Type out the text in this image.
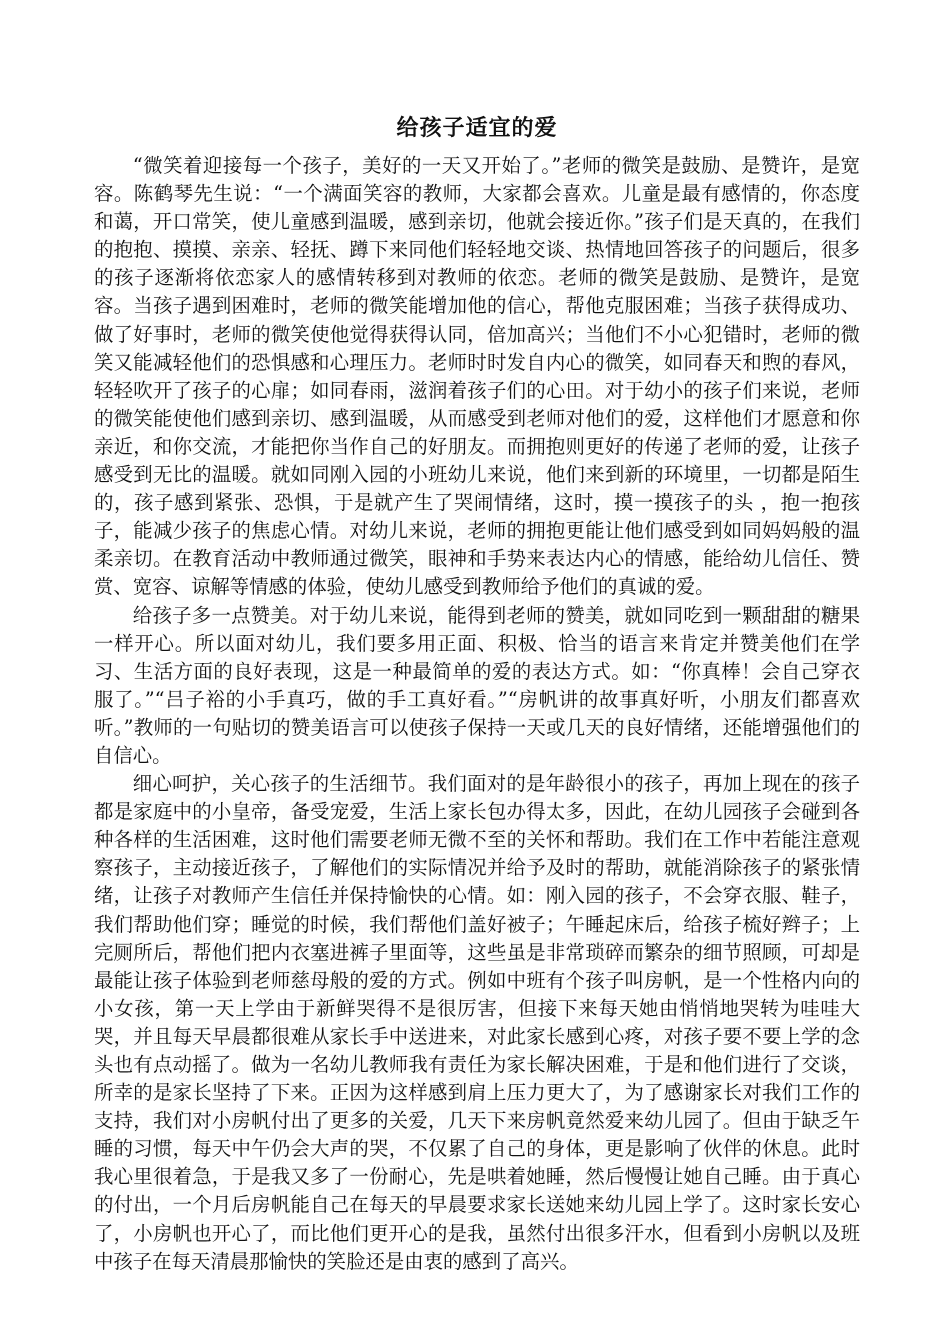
给孩子适宜的爱

“微笑着迎接每一个孩子，美好的一天又开始了。”老师的微笑是鼓励、是赞许，是宽容。陈鹤琴先生说：“一个满面笑容的教师，大家都会喜欢。儿童是最有感情的，你态度和蔼，开口常笑，使儿童感到温暖，感到亲切，他就会接近你。”孩子们是天真的，在我们的抱抱、摸摸、亲亲、轻抚、蹲下来同他们轻轻地交谈、热情地回答孩子的问题后，很多的孩子逐渐将依恋家人的感情转移到对教师的依恋。老师的微笑是鼓励、是赞许，是宽容。当孩子遇到困难时，老师的微笑能增加他的信心，帮他克服困难；当孩子获得成功、做了好事时，老师的微笑使他觉得获得认同，倍加高兴；当他们不小心犯错时，老师的微笑又能减轻他们的恐惧感和心理压力。老师时时发自内心的微笑，如同春天和煦的春风，轻轻吹开了孩子的心扉；如同春雨，滋润着孩子们的心田。对于幼小的孩子们来说，老师的微笑能使他们感到亲切、感到温暖，从而感受到老师对他们的爱，这样他们才愿意和你亲近，和你交流，才能把你当作自己的好朋友。而拥抱则更好的传递了老师的爱，让孩子感受到无比的温暖。就如同刚入园的小班幼儿来说，他们来到新的环境里，一切都是陌生的，孩子感到紧张、恐惧，于是就产生了哭闹情绪，这时，摸一摸孩子的头 ，抱一抱孩子，能减少孩子的焦虑心情。对幼儿来说，老师的拥抱更能让他们感受到如同妈妈般的温柔亲切。在教育活动中教师通过微笑，眼神和手势来表达内心的情感，能给幼儿信任、赞赏、宽容、谅解等情感的体验，使幼儿感受到教师给予他们的真诚的爱。

给孩子多一点赞美。对于幼儿来说，能得到老师的赞美，就如同吃到一颗甜甜的糖果一样开心。所以面对幼儿，我们要多用正面、积极、恰当的语言来肯定并赞美他们在学习、生活方面的良好表现，这是一种最简单的爱的表达方式。如：“你真棒！会自己穿衣服了。”“吕子裕的小手真巧，做的手工真好看。”“房帆讲的故事真好听，小朋友们都喜欢听。”教师的一句贴切的赞美语言可以使孩子保持一天或几天的良好情绪，还能增强他们的自信心。

细心呵护，关心孩子的生活细节。我们面对的是年龄很小的孩子，再加上现在的孩子都是家庭中的小皇帝，备受宠爱，生活上家长包办得太多，因此，在幼儿园孩子会碰到各种各样的生活困难，这时他们需要老师无微不至的关怀和帮助。我们在工作中若能注意观察孩子，主动接近孩子，了解他们的实际情况并给予及时的帮助，就能消除孩子的紧张情绪，让孩子对教师产生信任并保持愉快的心情。如：刚入园的孩子，不会穿衣服、鞋子，我们帮助他们穿；睡觉的时候，我们帮他们盖好被子；午睡起床后，给孩子梳好辫子；上完厕所后，帮他们把内衣塞进裤子里面等，这些虽是非常琐碎而繁杂的细节照顾，可却是最能让孩子体验到老师慈母般的爱的方式。例如中班有个孩子叫房帆，是一个性格内向的小女孩，第一天上学由于新鲜哭得不是很厉害，但接下来每天她由悄悄地哭转为哇哇大哭，并且每天早晨都很难从家长手中送进来，对此家长感到心疼，对孩子要不要上学的念头也有点动摇了。做为一名幼儿教师我有责任为家长解决困难，于是和他们进行了交谈，所幸的是家长坚持了下来。正因为这样感到肩上压力更大了，为了感谢家长对我们工作的支持，我们对小房帆付出了更多的关爱，几天下来房帆竟然爱来幼儿园了。但由于缺乏午睡的习惯，每天中午仍会大声的哭，不仅累了自己的身体，更是影响了伙伴的休息。此时我心里很着急，于是我又多了一份耐心，先是哄着她睡，然后慢慢让她自己睡。由于真心的付出，一个月后房帆能自己在每天的早晨要求家长送她来幼儿园上学了。这时家长安心了，小房帆也开心了，而比他们更开心的是我，虽然付出很多汗水，但看到小房帆以及班中孩子在每天清晨那愉快的笑脸还是由衷的感到了高兴。
